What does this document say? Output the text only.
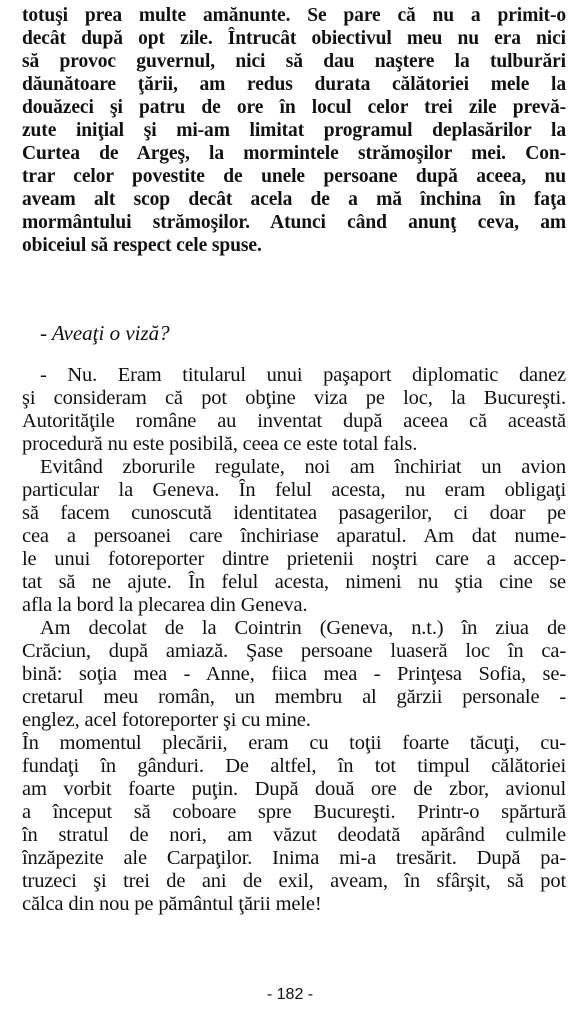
totuşi prea multe amănunte. Se pare că nu a primit-o
decât după opt zile. Întrucât obiectivul meu nu era nici
să provoc guvernul, nici să dau naştere la tulburări
dăunătoare ţării, am redus durata călătoriei mele la
douăzeci şi patru de ore în locul celor trei zile prevă-
zute iniţial şi mi-am limitat programul deplasărilor la
Curtea de Argeş, la mormintele strămoşilor mei. Con-
trar celor povestite de unele persoane după aceea, nu
aveam alt scop decât acela de a mă închina în faţa
mormântului strămoşilor. Atunci când anunţ ceva, am
obiceiul să respect cele spuse.
- Aveaţi o viză?
- Nu. Eram titularul unui paşaport diplomatic danez
şi consideram că pot obţine viza pe loc, la Bucureşti.
Autorităţile române au inventat după aceea că această
procedură nu este posibilă, ceea ce este total fals.
Evitând zborurile regulate, noi am închiriat un avion
particular la Geneva. În felul acesta, nu eram obligaţi
să facem cunoscută identitatea pasagerilor, ci doar pe
cea a persoanei care închiriase aparatul. Am dat nume-
le unui fotoreporter dintre prietenii noştri care a accep-
tat să ne ajute. În felul acesta, nimeni nu ştia cine se
afla la bord la plecarea din Geneva.
Am decolat de la Cointrin (Geneva, n.t.) în ziua de
Crăciun, după amiază. Şase persoane luaseră loc în ca-
bină: soţia mea - Anne, fiica mea - Prinţesa Sofia, se-
cretarul meu român, un membru al gărzii personale -
englez, acel fotoreporter şi cu mine.
În momentul plecării, eram cu toţii foarte tăcuţi, cu-
fundaţi în gânduri. De altfel, în tot timpul călătoriei
am vorbit foarte puţin. După două ore de zbor, avionul
a început să coboare spre Bucureşti. Printr-o spărtură
în stratul de nori, am văzut deodată apărând culmile
înzăpezite ale Carpaţilor. Inima mi-a tresărit. După pa-
truzeci şi trei de ani de exil, aveam, în sfârşit, să pot
călca din nou pe pământul ţării mele!
- 182 -
